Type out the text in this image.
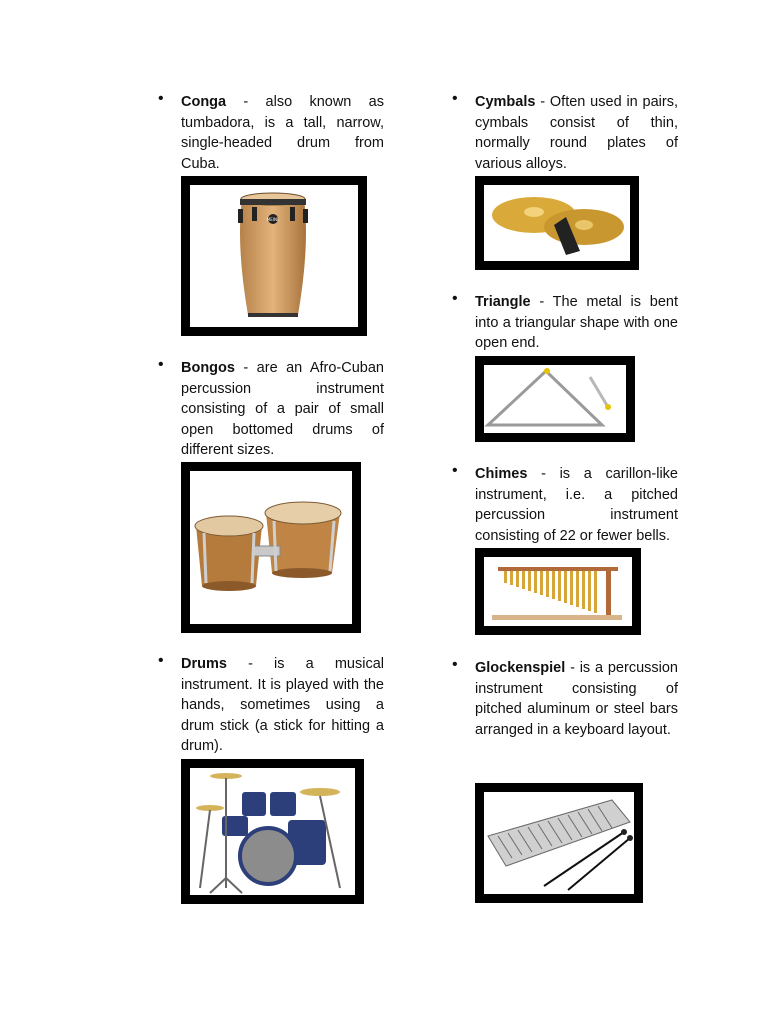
• Conga - also known as tumbadora, is a tall, narrow, single-headed drum from Cuba.

MEINL
• Bongos - are an Afro-Cuban percussion instrument consisting of a pair of small open bottomed drums of different sizes.

• Drums - is a musical instrument. It is played with the hands, sometimes using a drum stick (a stick for hitting a drum).

• Cymbals - Often used in pairs, cymbals consist of thin, normally round plates of various alloys.

• Triangle - The metal is bent into a triangular shape with one open end.

• Chimes - is a carillon-like instrument, i.e. a pitched percussion instrument consisting of 22 or fewer bells.

• Glockenspiel - is a percussion instrument consisting of pitched aluminum or steel bars arranged in a keyboard layout.
